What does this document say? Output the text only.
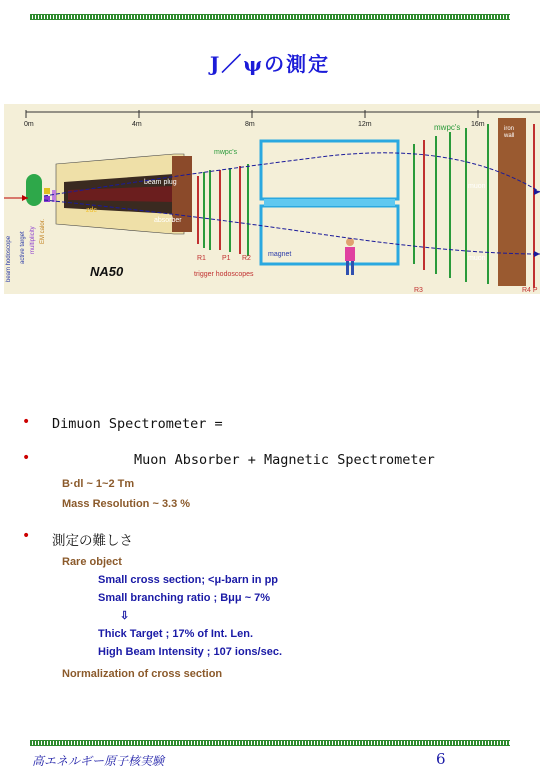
J／ψの測定
0m	4m	8m	12m	16m
beam plug
absorber
zdc
beam hodoscope active target multiplicity EM calor.
mwpc's
R1 P1 R2
trigger hodoscopes
magnet
mwpc's
R3
iron
wall
R4 P
muon
muon
NA50
• Dimuon Spectrometer =
•	Muon Absorber + Magnetic Spectrometer
B·dl ~ 1~2 Tm
Mass Resolution ~ 3.3 %
• 測定の難しさ
Rare object
Small cross section; <μ-barn in pp
Small branching ratio ; Bμμ ~ 7%
⇩
Thick Target ; 17% of Int. Len.
High Beam Intensity ; 107 ions/sec.
Normalization of cross section
高エネルギー原子核実験	6
